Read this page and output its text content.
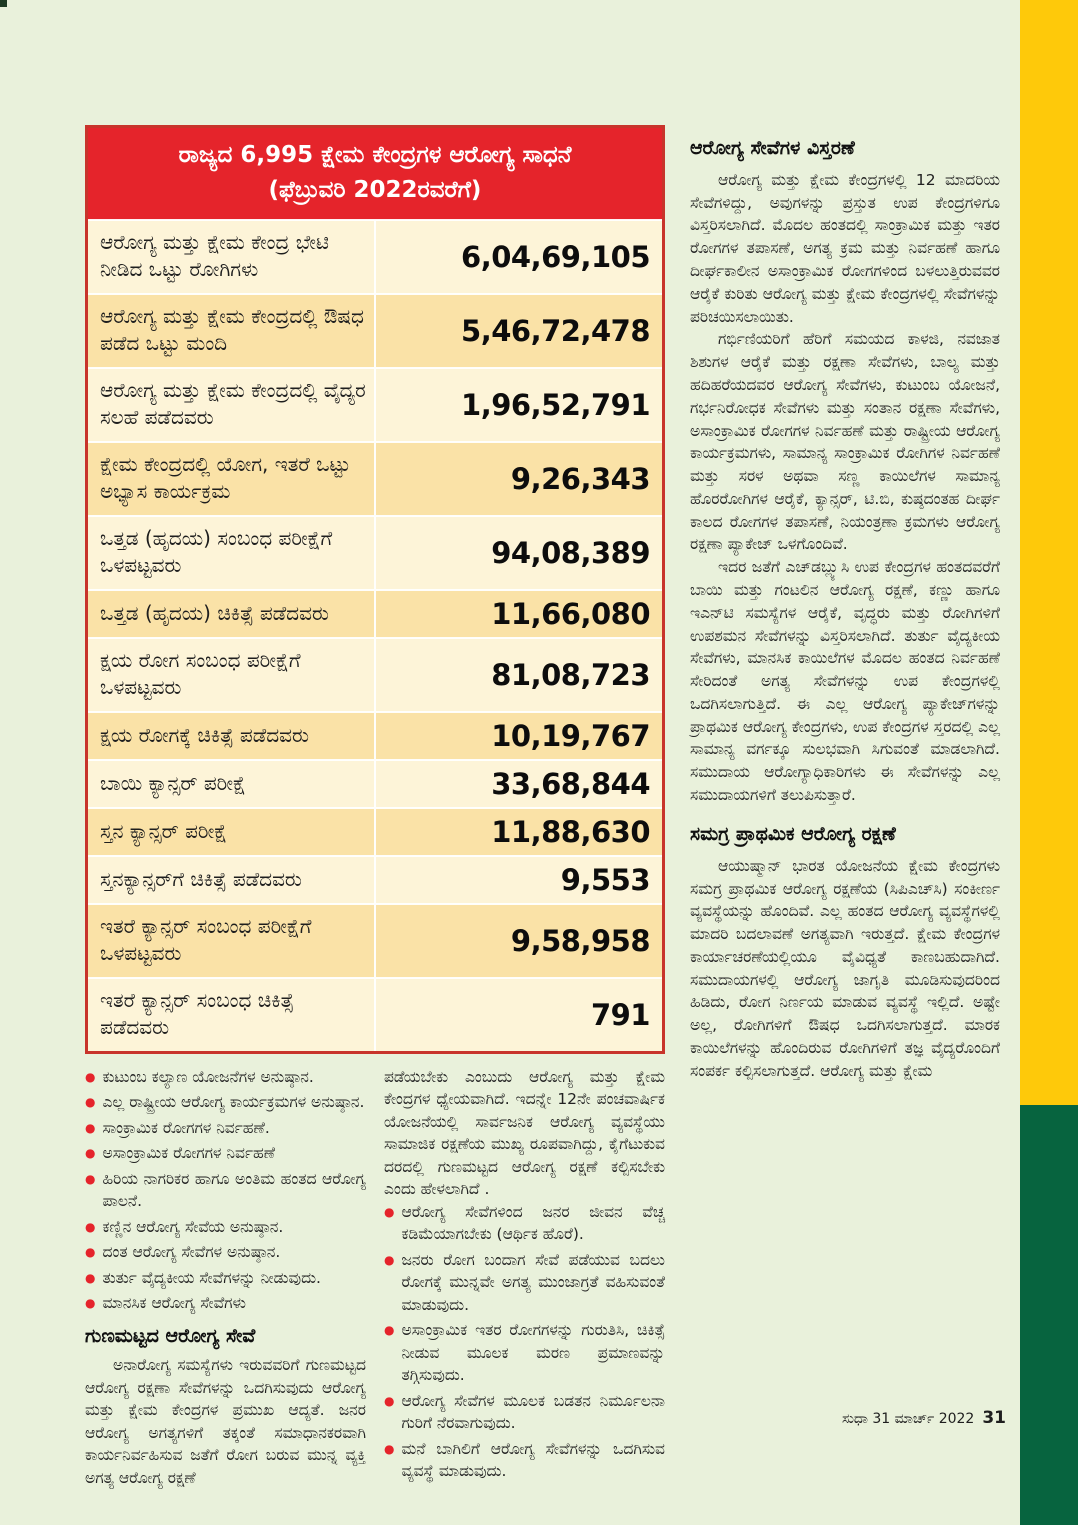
ರಾಜ್ಯದ 6,995 ಕ್ಷೇಮ ಕೇಂದ್ರಗಳ ಆರೋಗ್ಯ ಸಾಧನೆ
(ಫೆಬ್ರುವರಿ 2022ರವರೆಗೆ)	

ಆರೋಗ್ಯ ಮತ್ತು ಕ್ಷೇಮ ಕೇಂದ್ರ ಭೇಟಿ ನೀಡಿದ ಒಟ್ಟು ರೋಗಿಗಳು	6,04,69,105
ಆರೋಗ್ಯ ಮತ್ತು ಕ್ಷೇಮ ಕೇಂದ್ರದಲ್ಲಿ ಔಷಧ ಪಡೆದ ಒಟ್ಟು ಮಂದಿ	5,46,72,478
ಆರೋಗ್ಯ ಮತ್ತು ಕ್ಷೇಮ ಕೇಂದ್ರದಲ್ಲಿ ವೈದ್ಯರ ಸಲಹೆ ಪಡೆದವರು	1,96,52,791
ಕ್ಷೇಮ ಕೇಂದ್ರದಲ್ಲಿ ಯೋಗ, ಇತರೆ ಒಟ್ಟು ಅಭ್ಯಾಸ ಕಾರ್ಯಕ್ರಮ	9,26,343
ಒತ್ತಡ (ಹೃದಯ) ಸಂಬಂಧ ಪರೀಕ್ಷೆಗೆ ಒಳಪಟ್ಟವರು	94,08,389
ಒತ್ತಡ (ಹೃದಯ) ಚಿಕಿತ್ಸೆ ಪಡೆದವರು	11,66,080
ಕ್ಷಯ ರೋಗ ಸಂಬಂಧ ಪರೀಕ್ಷೆಗೆ ಒಳಪಟ್ಟವರು	81,08,723
ಕ್ಷಯ ರೋಗಕ್ಕೆ ಚಿಕಿತ್ಸೆ ಪಡೆದವರು	10,19,767
ಬಾಯಿ ಕ್ಯಾನ್ಸರ್ ಪರೀಕ್ಷೆ	33,68,844
ಸ್ತನ ಕ್ಯಾನ್ಸರ್ ಪರೀಕ್ಷೆ	11,88,630
ಸ್ತನಕ್ಯಾನ್ಸರ್‌ಗೆ ಚಿಕಿತ್ಸೆ ಪಡೆದವರು	9,553
ಇತರೆ ಕ್ಯಾನ್ಸರ್ ಸಂಬಂಧ ಪರೀಕ್ಷೆಗೆ ಒಳಪಟ್ಟವರು	9,58,958
ಇತರೆ ಕ್ಯಾನ್ಸರ್ ಸಂಬಂಧ ಚಿಕಿತ್ಸೆ ಪಡೆದವರು	791
● ಕುಟುಂಬ ಕಲ್ಯಾಣ ಯೋಜನೆಗಳ ಅನುಷ್ಠಾನ.
● ಎಲ್ಲ ರಾಷ್ಟ್ರೀಯ ಆರೋಗ್ಯ ಕಾರ್ಯಕ್ರಮಗಳ ಅನುಷ್ಠಾನ.
● ಸಾಂಕ್ರಾಮಿಕ ರೋಗಗಳ ನಿರ್ವಹಣೆ.
● ಅಸಾಂಕ್ರಾಮಿಕ ರೋಗಗಳ ನಿರ್ವಹಣೆ
● ಹಿರಿಯ ನಾಗರಿಕರ ಹಾಗೂ ಅಂತಿಮ ಹಂತದ ಆರೋಗ್ಯ ಪಾಲನೆ.
● ಕಣ್ಣಿನ ಆರೋಗ್ಯ ಸೇವೆಯ ಅನುಷ್ಠಾನ.
● ದಂತ ಆರೋಗ್ಯ ಸೇವೆಗಳ ಅನುಷ್ಠಾನ.
● ತುರ್ತು ವೈದ್ಯಕೀಯ ಸೇವೆಗಳನ್ನು ನೀಡುವುದು.
● ಮಾನಸಿಕ ಆರೋಗ್ಯ ಸೇವೆಗಳು
ಗುಣಮಟ್ಟದ ಆರೋಗ್ಯ ಸೇವೆ

ಅನಾರೋಗ್ಯ ಸಮಸ್ಯೆಗಳು ಇರುವವರಿಗೆ ಗುಣಮಟ್ಟದ ಆರೋಗ್ಯ ರಕ್ಷಣಾ ಸೇವೆಗಳನ್ನು ಒದಗಿಸುವುದು ಆರೋಗ್ಯ ಮತ್ತು ಕ್ಷೇಮ ಕೇಂದ್ರಗಳ ಪ್ರಮುಖ ಆದ್ಯತೆ. ಜನರ ಆರೋಗ್ಯ ಅಗತ್ಯಗಳಿಗೆ ತಕ್ಕಂತೆ ಸಮಾಧಾನಕರವಾಗಿ ಕಾರ್ಯನಿರ್ವಹಿಸುವ ಜತೆಗೆ ರೋಗ ಬರುವ ಮುನ್ನ ವ್ಯಕ್ತಿ ಅಗತ್ಯ ಆರೋಗ್ಯ ರಕ್ಷಣೆ

ಪಡೆಯಬೇಕು ಎಂಬುದು ಆರೋಗ್ಯ ಮತ್ತು ಕ್ಷೇಮ ಕೇಂದ್ರಗಳ ಧ್ಯೇಯವಾಗಿದೆ. ಇದನ್ನೇ 12ನೇ ಪಂಚವಾರ್ಷಿಕ ಯೋಜನೆಯಲ್ಲಿ ಸಾರ್ವಜನಿಕ ಆರೋಗ್ಯ ವ್ಯವಸ್ಥೆಯು ಸಾಮಾಜಿಕ ರಕ್ಷಣೆಯ ಮುಖ್ಯ ರೂಪವಾಗಿದ್ದು, ಕೈಗೆಟುಕುವ ದರದಲ್ಲಿ ಗುಣಮಟ್ಟದ ಆರೋಗ್ಯ ರಕ್ಷಣೆ ಕಲ್ಪಿಸಬೇಕು ಎಂದು ಹೇಳಲಾಗಿದೆ .

● ಆರೋಗ್ಯ ಸೇವೆಗಳಿಂದ ಜನರ ಜೀವನ ವೆಚ್ಚ ಕಡಿಮೆಯಾಗಬೇಕು (ಆರ್ಥಿಕ ಹೊರೆ).
● ಜನರು ರೋಗ ಬಂದಾಗ ಸೇವೆ ಪಡೆಯುವ ಬದಲು ರೋಗಕ್ಕೆ ಮುನ್ನವೇ ಅಗತ್ಯ ಮುಂಜಾಗ್ರತೆ ವಹಿಸುವಂತೆ ಮಾಡುವುದು.
● ಅಸಾಂಕ್ರಾಮಿಕ ಇತರ ರೋಗಗಳನ್ನು ಗುರುತಿಸಿ, ಚಿಕಿತ್ಸೆ ನೀಡುವ ಮೂಲಕ ಮರಣ ಪ್ರಮಾಣವನ್ನು ತಗ್ಗಿಸುವುದು.
● ಆರೋಗ್ಯ ಸೇವೆಗಳ ಮೂಲಕ ಬಡತನ ನಿರ್ಮೂಲನಾ ಗುರಿಗೆ ನೆರವಾಗುವುದು.
● ಮನೆ ಬಾಗಿಲಿಗೆ ಆರೋಗ್ಯ ಸೇವೆಗಳನ್ನು ಒದಗಿಸುವ ವ್ಯವಸ್ಥೆ ಮಾಡುವುದು.
ಆರೋಗ್ಯ ಸೇವೆಗಳ ವಿಸ್ತರಣೆ

ಆರೋಗ್ಯ ಮತ್ತು ಕ್ಷೇಮ ಕೇಂದ್ರಗಳಲ್ಲಿ 12 ಮಾದರಿಯ ಸೇವೆಗಳಿದ್ದು, ಅವುಗಳನ್ನು ಪ್ರಸ್ತುತ ಉಪ ಕೇಂದ್ರಗಳಿಗೂ ವಿಸ್ತರಿಸಲಾಗಿದೆ. ಮೊದಲ ಹಂತದಲ್ಲಿ ಸಾಂಕ್ರಾಮಿಕ ಮತ್ತು ಇತರ ರೋಗಗಳ ತಪಾಸಣೆ, ಅಗತ್ಯ ಕ್ರಮ ಮತ್ತು ನಿರ್ವಹಣೆ ಹಾಗೂ ದೀರ್ಘಕಾಲೀನ ಅಸಾಂಕ್ರಾಮಿಕ ರೋಗಗಳಿಂದ ಬಳಲುತ್ತಿರುವವರ ಆರೈಕೆ ಕುರಿತು ಆರೋಗ್ಯ ಮತ್ತು ಕ್ಷೇಮ ಕೇಂದ್ರಗಳಲ್ಲಿ ಸೇವೆಗಳನ್ನು ಪರಿಚಯಿಸಲಾಯಿತು.

ಗರ್ಭಿಣಿಯರಿಗೆ ಹೆರಿಗೆ ಸಮಯದ ಕಾಳಜಿ, ನವಜಾತ ಶಿಶುಗಳ ಆರೈಕೆ ಮತ್ತು ರಕ್ಷಣಾ ಸೇವೆಗಳು, ಬಾಲ್ಯ ಮತ್ತು ಹದಿಹರೆಯದವರ ಆರೋಗ್ಯ ಸೇವೆಗಳು, ಕುಟುಂಬ ಯೋಜನೆ, ಗರ್ಭನಿರೋಧಕ ಸೇವೆಗಳು ಮತ್ತು ಸಂತಾನ ರಕ್ಷಣಾ ಸೇವೆಗಳು, ಅಸಾಂಕ್ರಾಮಿಕ ರೋಗಗಳ ನಿರ್ವಹಣೆ ಮತ್ತು ರಾಷ್ಟ್ರೀಯ ಆರೋಗ್ಯ ಕಾರ್ಯಕ್ರಮಗಳು, ಸಾಮಾನ್ಯ ಸಾಂಕ್ರಾಮಿಕ ರೋಗಿಗಳ ನಿರ್ವಹಣೆ ಮತ್ತು ಸರಳ ಅಥವಾ ಸಣ್ಣ ಕಾಯಿಲೆಗಳ ಸಾಮಾನ್ಯ ಹೊರರೋಗಿಗಳ ಆರೈಕೆ, ಕ್ಯಾನ್ಸರ್, ಟಿ.ಬಿ, ಕುಷ್ಠದಂತಹ ದೀರ್ಘ ಕಾಲದ ರೋಗಗಳ ತಪಾಸಣೆ, ನಿಯಂತ್ರಣಾ ಕ್ರಮಗಳು ಆರೋಗ್ಯ ರಕ್ಷಣಾ ಪ್ಯಾಕೇಜ್ ಒಳಗೊಂದಿವೆ.

ಇದರ ಜತೆಗೆ ಎಚ್‌ಡಬ್ಲ್ಯುಸಿ ಉಪ ಕೇಂದ್ರಗಳ ಹಂತದವರೆಗೆ ಬಾಯಿ ಮತ್ತು ಗಂಟಲಿನ ಆರೋಗ್ಯ ರಕ್ಷಣೆ, ಕಣ್ಣು ಹಾಗೂ ಇಎನ್‌ಟಿ ಸಮಸ್ಯೆಗಳ ಆರೈಕೆ, ವೃದ್ಧರು ಮತ್ತು ರೋಗಿಗಳಿಗೆ ಉಪಶಮನ ಸೇವೆಗಳನ್ನು ವಿಸ್ತರಿಸಲಾಗಿದೆ. ತುರ್ತು ವೈದ್ಯಕೀಯ ಸೇವೆಗಳು, ಮಾನಸಿಕ ಕಾಯಿಲೆಗಳ ಮೊದಲ ಹಂತದ ನಿರ್ವಹಣೆ ಸೇರಿದಂತೆ ಅಗತ್ಯ ಸೇವೆಗಳನ್ನು ಉಪ ಕೇಂದ್ರಗಳಲ್ಲಿ ಒದಗಿಸಲಾಗುತ್ತಿದೆ. ಈ ಎಲ್ಲ ಆರೋಗ್ಯ ಪ್ಯಾಕೇಜ್‌ಗಳನ್ನು ಪ್ರಾಥಮಿಕ ಆರೋಗ್ಯ ಕೇಂದ್ರಗಳು, ಉಪ ಕೇಂದ್ರಗಳ ಸ್ತರದಲ್ಲಿ ಎಲ್ಲ ಸಾಮಾನ್ಯ ವರ್ಗಕ್ಕೂ ಸುಲಭವಾಗಿ ಸಿಗುವಂತೆ ಮಾಡಲಾಗಿದೆ. ಸಮುದಾಯ ಆರೋಗ್ಯಾಧಿಕಾರಿಗಳು ಈ ಸೇವೆಗಳನ್ನು ಎಲ್ಲ ಸಮುದಾಯಗಳಿಗೆ ತಲುಪಿಸುತ್ತಾರೆ.

ಸಮಗ್ರ ಪ್ರಾಥಮಿಕ ಆರೋಗ್ಯ ರಕ್ಷಣೆ

ಆಯುಷ್ಮಾನ್ ಭಾರತ ಯೋಜನೆಯ ಕ್ಷೇಮ ಕೇಂದ್ರಗಳು ಸಮಗ್ರ ಪ್ರಾಥಮಿಕ ಆರೋಗ್ಯ ರಕ್ಷಣೆಯ (ಸಿಪಿಎಚ್‌ಸಿ) ಸಂಕೀರ್ಣ ವ್ಯವಸ್ಥೆಯನ್ನು ಹೊಂದಿವೆ. ಎಲ್ಲ ಹಂತದ ಆರೋಗ್ಯ ವ್ಯವಸ್ಥೆಗಳಲ್ಲಿ ಮಾದರಿ ಬದಲಾವಣೆ ಅಗತ್ಯವಾಗಿ ಇರುತ್ತದೆ. ಕ್ಷೇಮ ಕೇಂದ್ರಗಳ ಕಾರ್ಯಾಚರಣೆಯಲ್ಲಿಯೂ ವೈವಿಧ್ಯತೆ ಕಾಣಬಹುದಾಗಿದೆ. ಸಮುದಾಯಗಳಲ್ಲಿ ಆರೋಗ್ಯ ಜಾಗೃತಿ ಮೂಡಿಸುವುದರಿಂದ ಹಿಡಿದು, ರೋಗ ನಿರ್ಣಯ ಮಾಡುವ ವ್ಯವಸ್ಥೆ ಇಲ್ಲಿದೆ. ಅಷ್ಟೇ ಅಲ್ಲ, ರೋಗಿಗಳಿಗೆ ಔಷಧ ಒದಗಿಸಲಾಗುತ್ತದೆ. ಮಾರಕ ಕಾಯಿಲೆಗಳನ್ನು ಹೊಂದಿರುವ ರೋಗಿಗಳಿಗೆ ತಜ್ಞ ವೈದ್ಯರೊಂದಿಗೆ ಸಂಪರ್ಕ ಕಲ್ಪಿಸಲಾಗುತ್ತದೆ. ಆರೋಗ್ಯ ಮತ್ತು ಕ್ಷೇಮ

ಸುಧಾ 31 ಮಾರ್ಚ್ 2022 31
